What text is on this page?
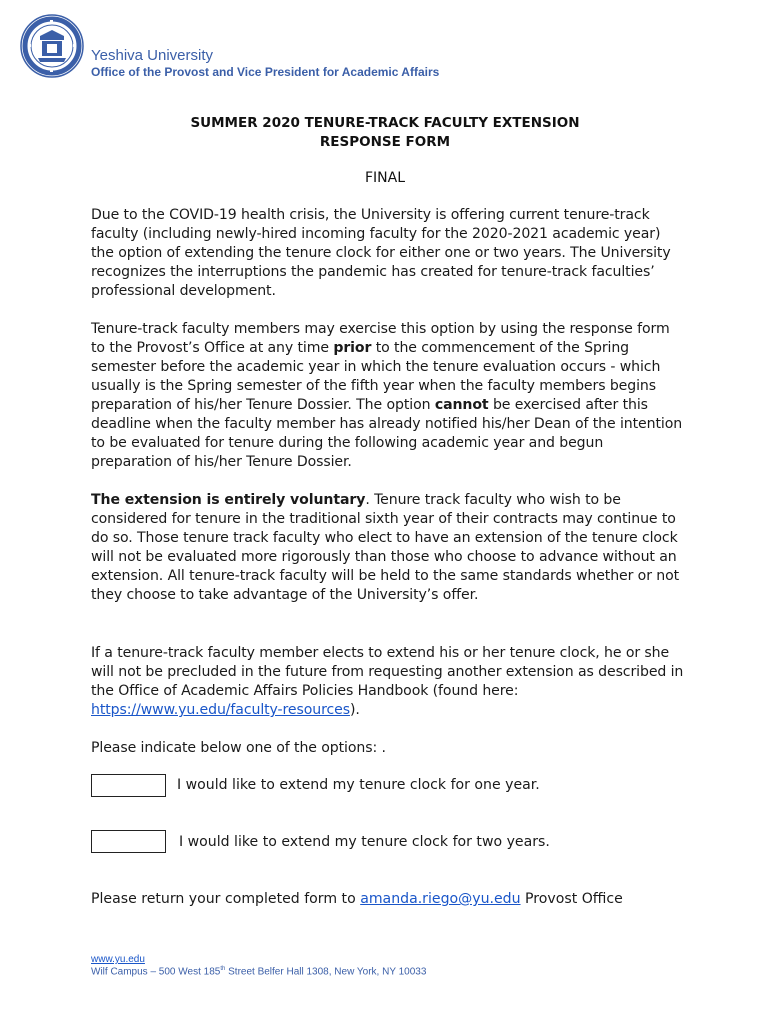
Yeshiva University
Office of the Provost and Vice President for Academic Affairs
SUMMER 2020 TENURE-TRACK FACULTY EXTENSION
RESPONSE FORM
FINAL
Due to the COVID-19 health crisis, the University is offering current tenure-track faculty (including newly-hired incoming faculty for the 2020-2021 academic year) the option of extending the tenure clock for either one or two years. The University recognizes the interruptions the pandemic has created for tenure-track faculties’ professional development.
Tenure-track faculty members may exercise this option by using the response form to the Provost’s Office at any time prior to the commencement of the Spring semester before the academic year in which the tenure evaluation occurs - which usually is the Spring semester of the fifth year when the faculty members begins preparation of his/her Tenure Dossier. The option cannot be exercised after this deadline when the faculty member has already notified his/her Dean of the intention to be evaluated for tenure during the following academic year and begun preparation of his/her Tenure Dossier.
The extension is entirely voluntary. Tenure track faculty who wish to be considered for tenure in the traditional sixth year of their contracts may continue to do so. Those tenure track faculty who elect to have an extension of the tenure clock will not be evaluated more rigorously than those who choose to advance without an extension. All tenure-track faculty will be held to the same standards whether or not they choose to take advantage of the University’s offer.
If a tenure-track faculty member elects to extend his or her tenure clock, he or she will not be precluded in the future from requesting another extension as described in the Office of Academic Affairs Policies Handbook (found here: https://www.yu.edu/faculty-resources).
Please indicate below one of the options: .
I would like to extend my tenure clock for one year.
I would like to extend my tenure clock for two years.
Please return your completed form to amanda.riego@yu.edu Provost Office
www.yu.edu
Wilf Campus – 500 West 185th Street Belfer Hall 1308, New York, NY 10033
